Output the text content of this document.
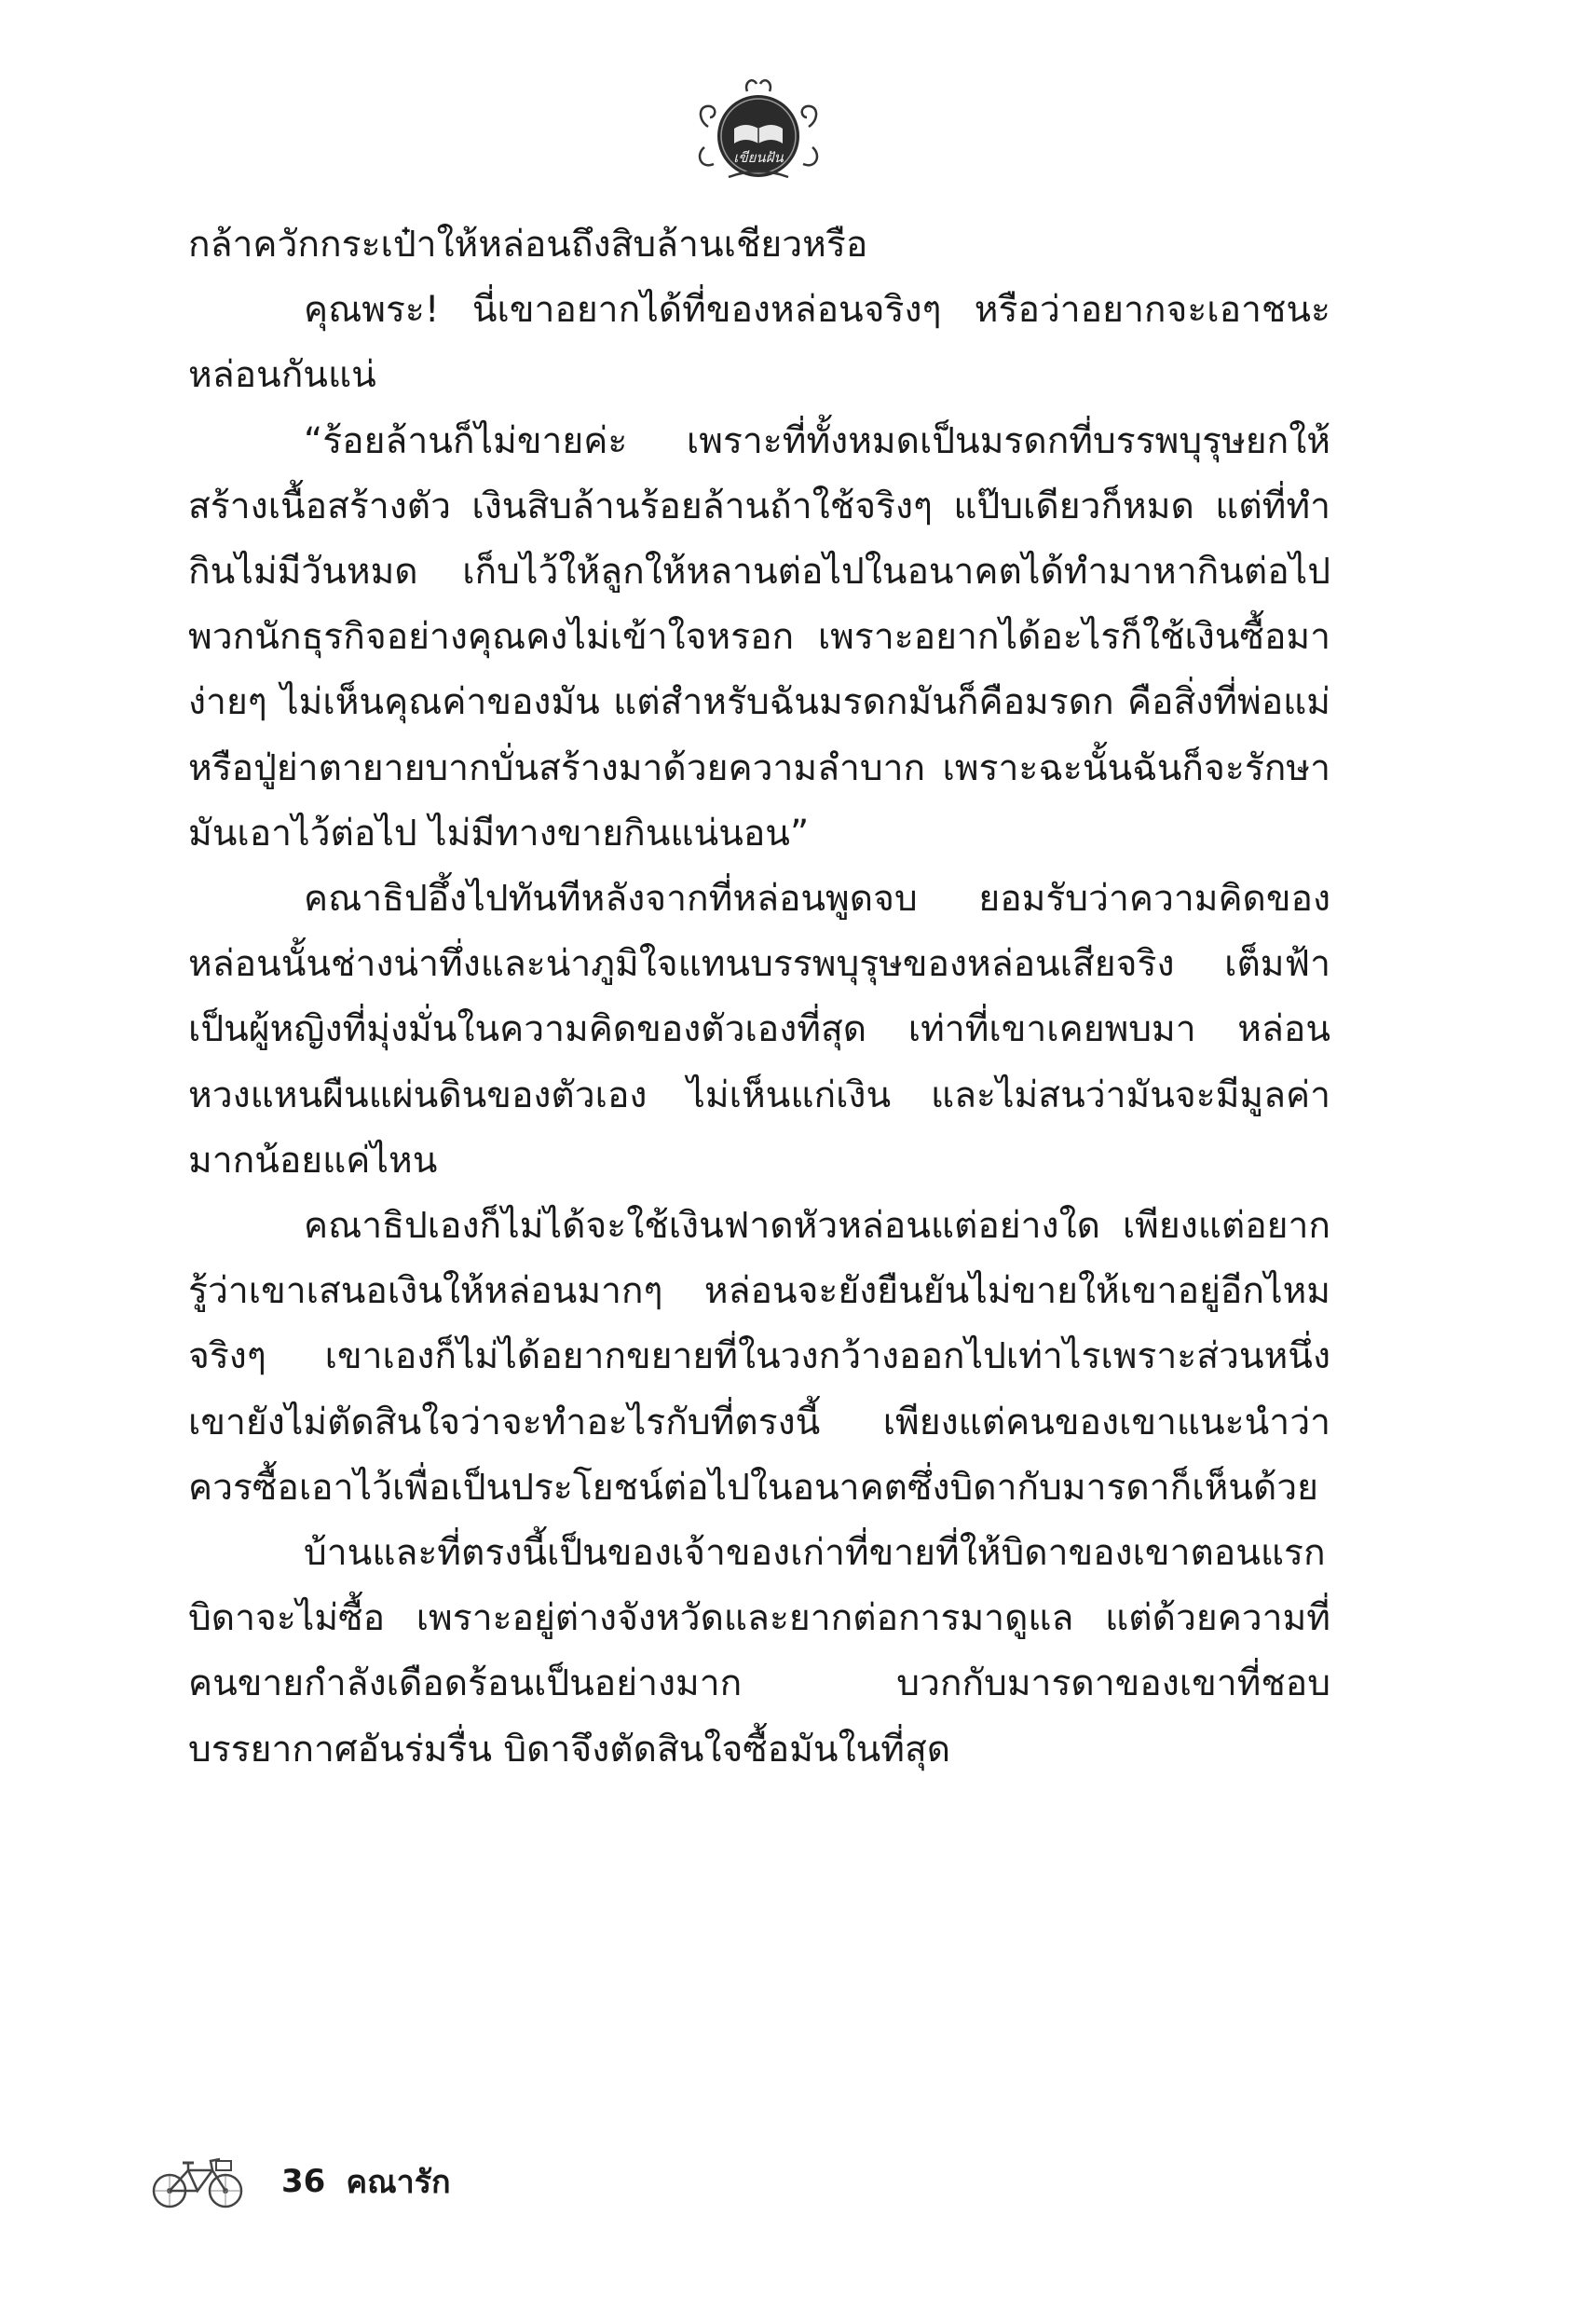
เขียนฝัน

กล้าควักกระเป๋าให้หล่อนถึงสิบล้านเชียวหรือ

คุณพระ! นี่เขาอยากได้ที่ของหล่อนจริงๆ หรือว่าอยากจะเอาชนะหล่อนกันแน่

“ร้อยล้านก็ไม่ขายค่ะ เพราะที่ทั้งหมดเป็นมรดกที่บรรพบุรุษยกให้สร้างเนื้อสร้างตัว เงินสิบล้านร้อยล้านถ้าใช้จริงๆ แป๊บเดียวก็หมด แต่ที่ทำกินไม่มีวันหมด เก็บไว้ให้ลูกให้หลานต่อไปในอนาคตได้ทำมาหากินต่อไป พวกนักธุรกิจอย่างคุณคงไม่เข้าใจหรอก เพราะอยากได้อะไรก็ใช้เงินซื้อมาง่ายๆ ไม่เห็นคุณค่าของมัน แต่สำหรับฉันมรดกมันก็คือมรดก คือสิ่งที่พ่อแม่หรือปู่ย่าตายายบากบั่นสร้างมาด้วยความลำบาก เพราะฉะนั้นฉันก็จะรักษามันเอาไว้ต่อไป ไม่มีทางขายกินแน่นอน”

คณาธิปอึ้งไปทันทีหลังจากที่หล่อนพูดจบ ยอมรับว่าความคิดของหล่อนนั้นช่างน่าทึ่งและน่าภูมิใจแทนบรรพบุรุษของหล่อนเสียจริง เต็มฟ้าเป็นผู้หญิงที่มุ่งมั่นในความคิดของตัวเองที่สุด เท่าที่เขาเคยพบมา หล่อนหวงแหนผืนแผ่นดินของตัวเอง ไม่เห็นแก่เงิน และไม่สนว่ามันจะมีมูลค่ามากน้อยแค่ไหน

คณาธิปเองก็ไม่ได้จะใช้เงินฟาดหัวหล่อนแต่อย่างใด เพียงแต่อยากรู้ว่าเขาเสนอเงินให้หล่อนมากๆ หล่อนจะยังยืนยันไม่ขายให้เขาอยู่อีกไหม จริงๆ เขาเองก็ไม่ได้อยากขยายที่ในวงกว้างออกไปเท่าไรเพราะส่วนหนึ่งเขายังไม่ตัดสินใจว่าจะทำอะไรกับที่ตรงนี้ เพียงแต่คนของเขาแนะนำว่าควรซื้อเอาไว้เพื่อเป็นประโยชน์ต่อไปในอนาคตซึ่งบิดากับมารดาก็เห็นด้วย

บ้านและที่ตรงนี้เป็นของเจ้าของเก่าที่ขายที่ให้บิดาของเขาตอนแรกบิดาจะไม่ซื้อ เพราะอยู่ต่างจังหวัดและยากต่อการมาดูแล แต่ด้วยความที่คนขายกำลังเดือดร้อนเป็นอย่างมาก บวกกับมารดาของเขาที่ชอบบรรยากาศอันร่มรื่น บิดาจึงตัดสินใจซื้อมันในที่สุด

36 คณารัก
